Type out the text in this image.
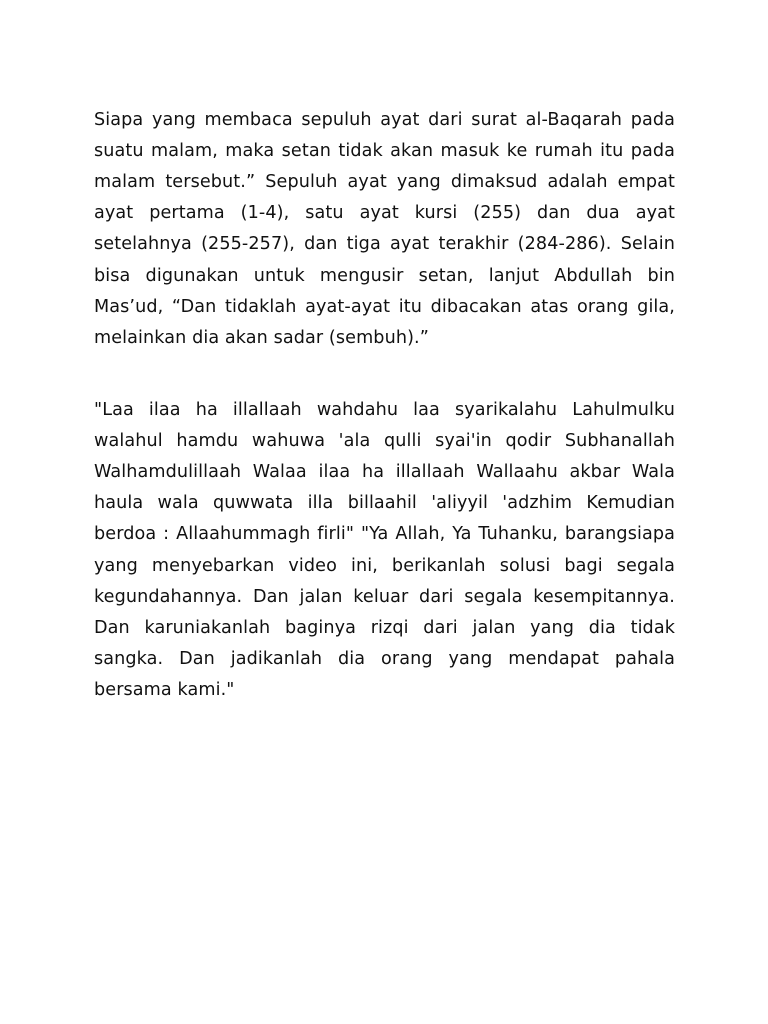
Siapa yang membaca sepuluh ayat dari surat al-Baqarah pada suatu malam, maka setan tidak akan masuk ke rumah itu pada malam tersebut.” Sepuluh ayat yang dimaksud adalah empat ayat pertama (1-4), satu ayat kursi (255) dan dua ayat setelahnya (255-257), dan tiga ayat terakhir (284-286). Selain bisa digunakan untuk mengusir setan, lanjut Abdullah bin Mas’ud, “Dan tidaklah ayat-ayat itu dibacakan atas orang gila, melainkan dia akan sadar (sembuh).”

"Laa ilaa ha illallaah wahdahu laa syarikalahu Lahulmulku walahul hamdu wahuwa 'ala qulli syai'in qodir Subhanallah Walhamdulillaah Walaa ilaa ha illallaah Wallaahu akbar Wala haula wala quwwata illa billaahil 'aliyyil 'adzhim Kemudian berdoa : Allaahummagh firli" "Ya Allah, Ya Tuhanku, barangsiapa yang menyebarkan video ini, berikanlah solusi bagi segala kegundahannya. Dan jalan keluar dari segala kesempitannya. Dan karuniakanlah baginya rizqi dari jalan yang dia tidak sangka. Dan jadikanlah dia orang yang mendapat pahala bersama kami."
